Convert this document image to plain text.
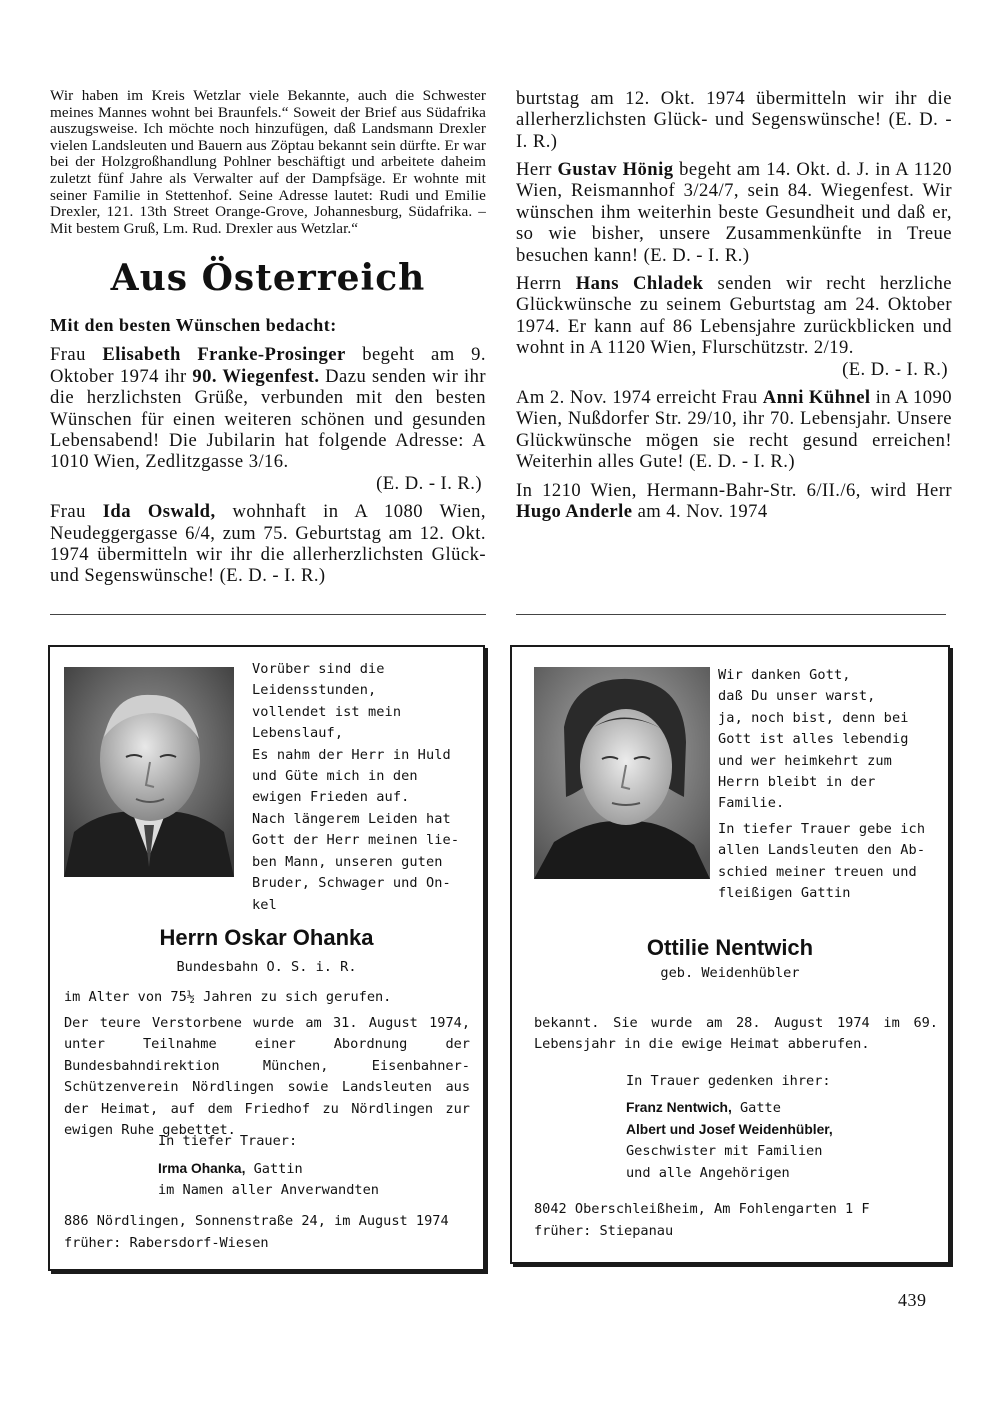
Wir haben im Kreis Wetzlar viele Bekannte, auch die Schwester meines Mannes wohnt bei Braunfels.“ Soweit der Brief aus Südafrika auszugsweise. Ich möchte noch hinzufügen, daß Landsmann Drexler vielen Landsleuten und Bauern aus Zöptau bekannt sein dürfte. Er war bei der Holzgroßhandlung Pohlner beschäftigt und arbeitete daheim zuletzt fünf Jahre als Verwalter auf der Dampfsäge. Er wohnte mit seiner Familie in Stettenhof. Seine Adresse lautet: Rudi und Emilie Drexler, 121. 13th Street Orange-Grove, Johannesburg, Südafrika. – Mit bestem Gruß, Lm. Rud. Drexler aus Wetzlar.“

Aus Österreich

Mit den besten Wünschen bedacht:

Frau Elisabeth Franke-Prosinger begeht am 9. Oktober 1974 ihr 90. Wiegenfest. Dazu senden wir ihr die herzlichsten Grüße, verbunden mit den besten Wünschen für einen weiteren schönen und gesunden Lebensabend! Die Jubilarin hat folgende Adresse: A 1010 Wien, Zedlitzgasse 3/16.

(E. D. - I. R.)

Frau Ida Oswald, wohnhaft in A 1080 Wien, Neudeggergasse 6/4, zum 75. Geburtstag am 12. Okt. 1974 übermitteln wir ihr die allerherzlichsten Glück- und Segenswünsche! (E. D. - I. R.)

burtstag am 12. Okt. 1974 übermitteln wir ihr die allerherzlichsten Glück- und Segenswünsche! (E. D. - I. R.)

Herr Gustav Hönig begeht am 14. Okt. d. J. in A 1120 Wien, Reismannhof 3/24/7, sein 84. Wiegenfest. Wir wünschen ihm weiterhin beste Gesundheit und daß er, so wie bisher, unsere Zusammenkünfte in Treue besuchen kann! (E. D. - I. R.)

Herrn Hans Chladek senden wir recht herzliche Glückwünsche zu seinem Geburtstag am 24. Oktober 1974. Er kann auf 86 Lebensjahre zurückblicken und wohnt in A 1120 Wien, Flurschützstr. 2/19.

(E. D. - I. R.)

Am 2. Nov. 1974 erreicht Frau Anni Kühnel in A 1090 Wien, Nußdorfer Str. 29/10, ihr 70. Lebensjahr. Unsere Glückwünsche mögen sie recht gesund erreichen! Weiterhin alles Gute! (E. D. - I. R.)

In 1210 Wien, Hermann-Bahr-Str. 6/II./6, wird Herr Hugo Anderle am 4. Nov. 1974

Vorüber sind die
Leidensstunden,
vollendet ist mein
Lebenslauf,
Es nahm der Herr in Huld
und Güte mich in den
ewigen Frieden auf.
Nach längerem Leiden hat
Gott der Herr meinen lie-
ben Mann, unseren guten
Bruder, Schwager und On-
kel

Herrn Oskar Ohanka

Bundesbahn O. S. i. R.

im Alter von 75½ Jahren zu sich gerufen.

Der teure Verstorbene wurde am 31. August 1974, unter Teilnahme einer Abordnung der Bundesbahndirektion München, Eisenbahner-Schützenverein Nördlingen sowie Landsleuten aus der Heimat, auf dem Friedhof zu Nördlingen zur ewigen Ruhe gebettet.

In tiefer Trauer:

Irma Ohanka, Gattin

im Namen aller Anverwandten

886 Nördlingen, Sonnenstraße 24, im August 1974

früher: Rabersdorf-Wiesen

Wir danken Gott,
daß Du unser warst,
ja, noch bist, denn bei
Gott ist alles lebendig
und wer heimkehrt zum
Herrn bleibt in der
Familie.
In tiefer Trauer gebe ich
allen Landsleuten den Ab-
schied meiner treuen und
fleißigen Gattin

Ottilie Nentwich

geb. Weidenhübler

bekannt. Sie wurde am 28. August 1974 im 69. Lebensjahr in die ewige Heimat abberufen.

In Trauer gedenken ihrer:

Franz Nentwich, Gatte

Albert und Josef Weidenhübler,

Geschwister mit Familien

und alle Angehörigen

8042 Oberschleißheim, Am Fohlengarten 1 F

früher: Stiepanau

439
